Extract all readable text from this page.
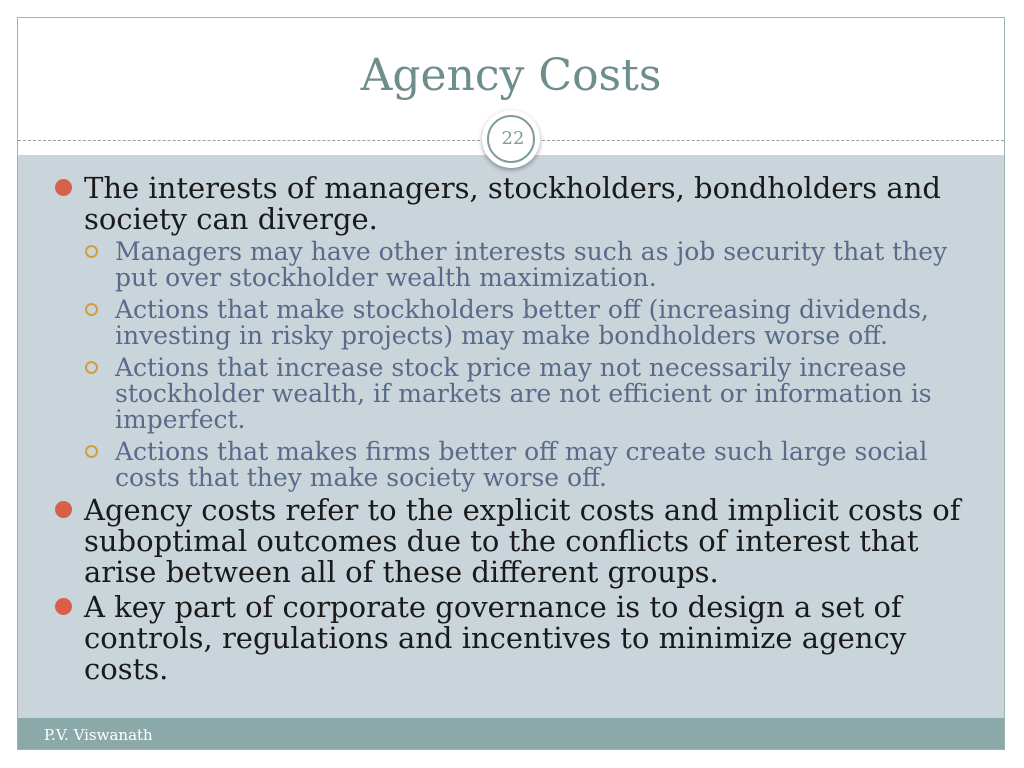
Agency Costs
22
The interests of managers, stockholders, bondholders and society can diverge.
Managers may have other interests such as job security that they put over stockholder wealth maximization.
Actions that make stockholders better off (increasing dividends, investing in risky projects) may make bondholders worse off.
Actions that increase stock price may not necessarily increase stockholder wealth, if markets are not efficient or information is imperfect.
Actions that makes firms better off may create such large social costs that they make society worse off.
Agency costs refer to the explicit costs and implicit costs of suboptimal outcomes due to the conflicts of interest that arise between all of these different groups.
A key part of corporate governance is to design a set of controls, regulations and incentives to minimize agency costs.
P.V. Viswanath
